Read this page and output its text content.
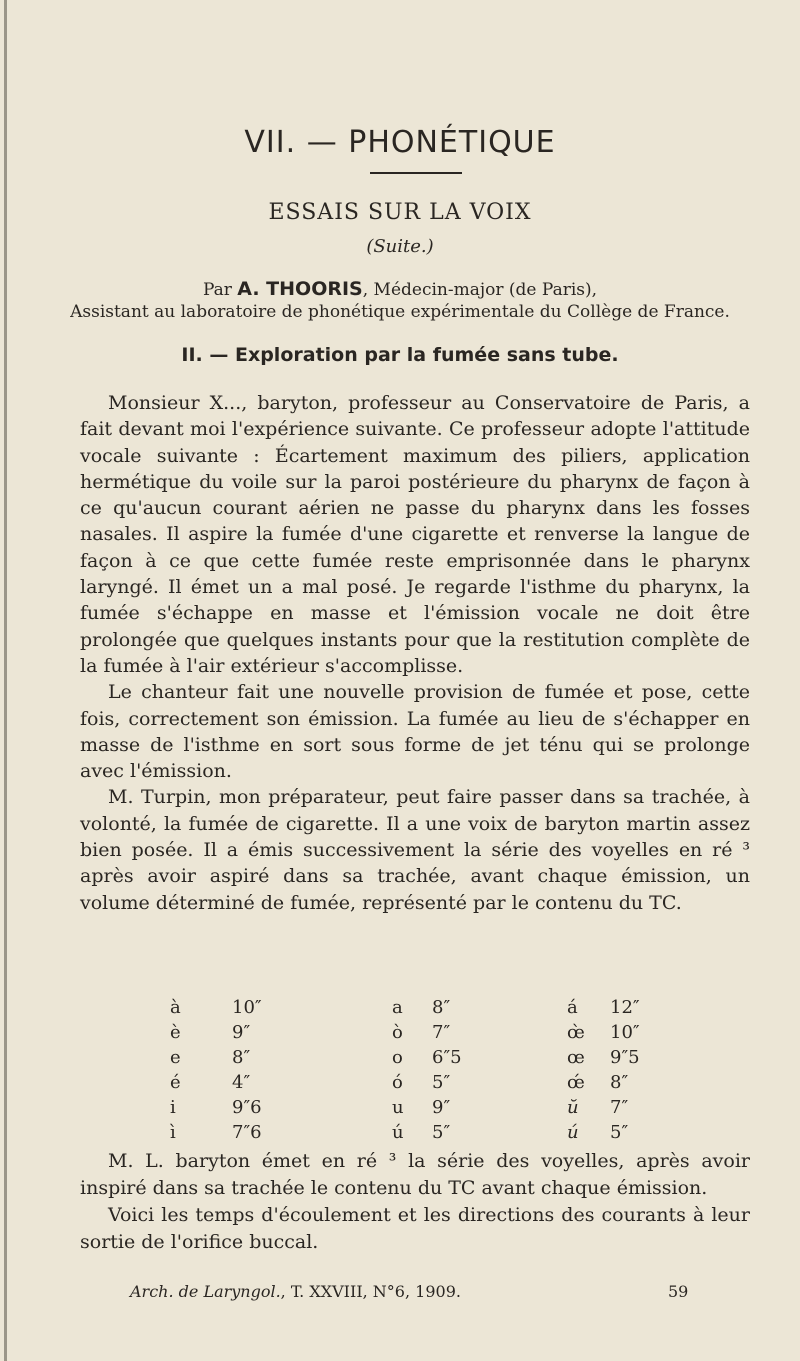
VII. — PHONÉTIQUE
ESSAIS SUR LA VOIX
(Suite.)
Par A. THOORIS, Médecin-major (de Paris),
Assistant au laboratoire de phonétique expérimentale du Collège de France.
II. — Exploration par la fumée sans tube.

Monsieur X..., baryton, professeur au Conservatoire de Paris, a fait devant moi l'expérience suivante. Ce professeur adopte l'attitude vocale suivante : Écartement maximum des piliers, application hermétique du voile sur la paroi postérieure du pharynx de façon à ce qu'aucun courant aérien ne passe du pharynx dans les fosses nasales. Il aspire la fumée d'une cigarette et renverse la langue de façon à ce que cette fumée reste emprisonnée dans le pharynx laryngé. Il émet un a mal posé. Je regarde l'isthme du pharynx, la fumée s'échappe en masse et l'émission vocale ne doit être prolongée que quelques instants pour que la restitution complète de la fumée à l'air extérieur s'accomplisse.

Le chanteur fait une nouvelle provision de fumée et pose, cette fois, correctement son émission. La fumée au lieu de s'échapper en masse de l'isthme en sort sous forme de jet ténu qui se prolonge avec l'émission.

M. Turpin, mon préparateur, peut faire passer dans sa trachée, à volonté, la fumée de cigarette. Il a une voix de baryton martin assez bien posée. Il a émis successivement la série des voyelles en ré ³ après avoir aspiré dans sa trachée, avant chaque émission, un volume déterminé de fumée, représenté par le contenu du TC.

à	10″	a 8″	á 12″
è	9″	ò 7″	œ̀ 10″
e	8″	o 6″5	œ 9″5
é	4″	ó 5″	œ́ 8″
i	9″6	u 9″	ŭ 7″
ì	7″6	ú 5″	ú 5″

M. L. baryton émet en ré ³ la série des voyelles, après avoir inspiré dans sa trachée le contenu du TC avant chaque émission.

Voici les temps d'écoulement et les directions des courants à leur sortie de l'orifice buccal.

Arch. de Laryngol., T. XXVIII, N°6, 1909.	59
